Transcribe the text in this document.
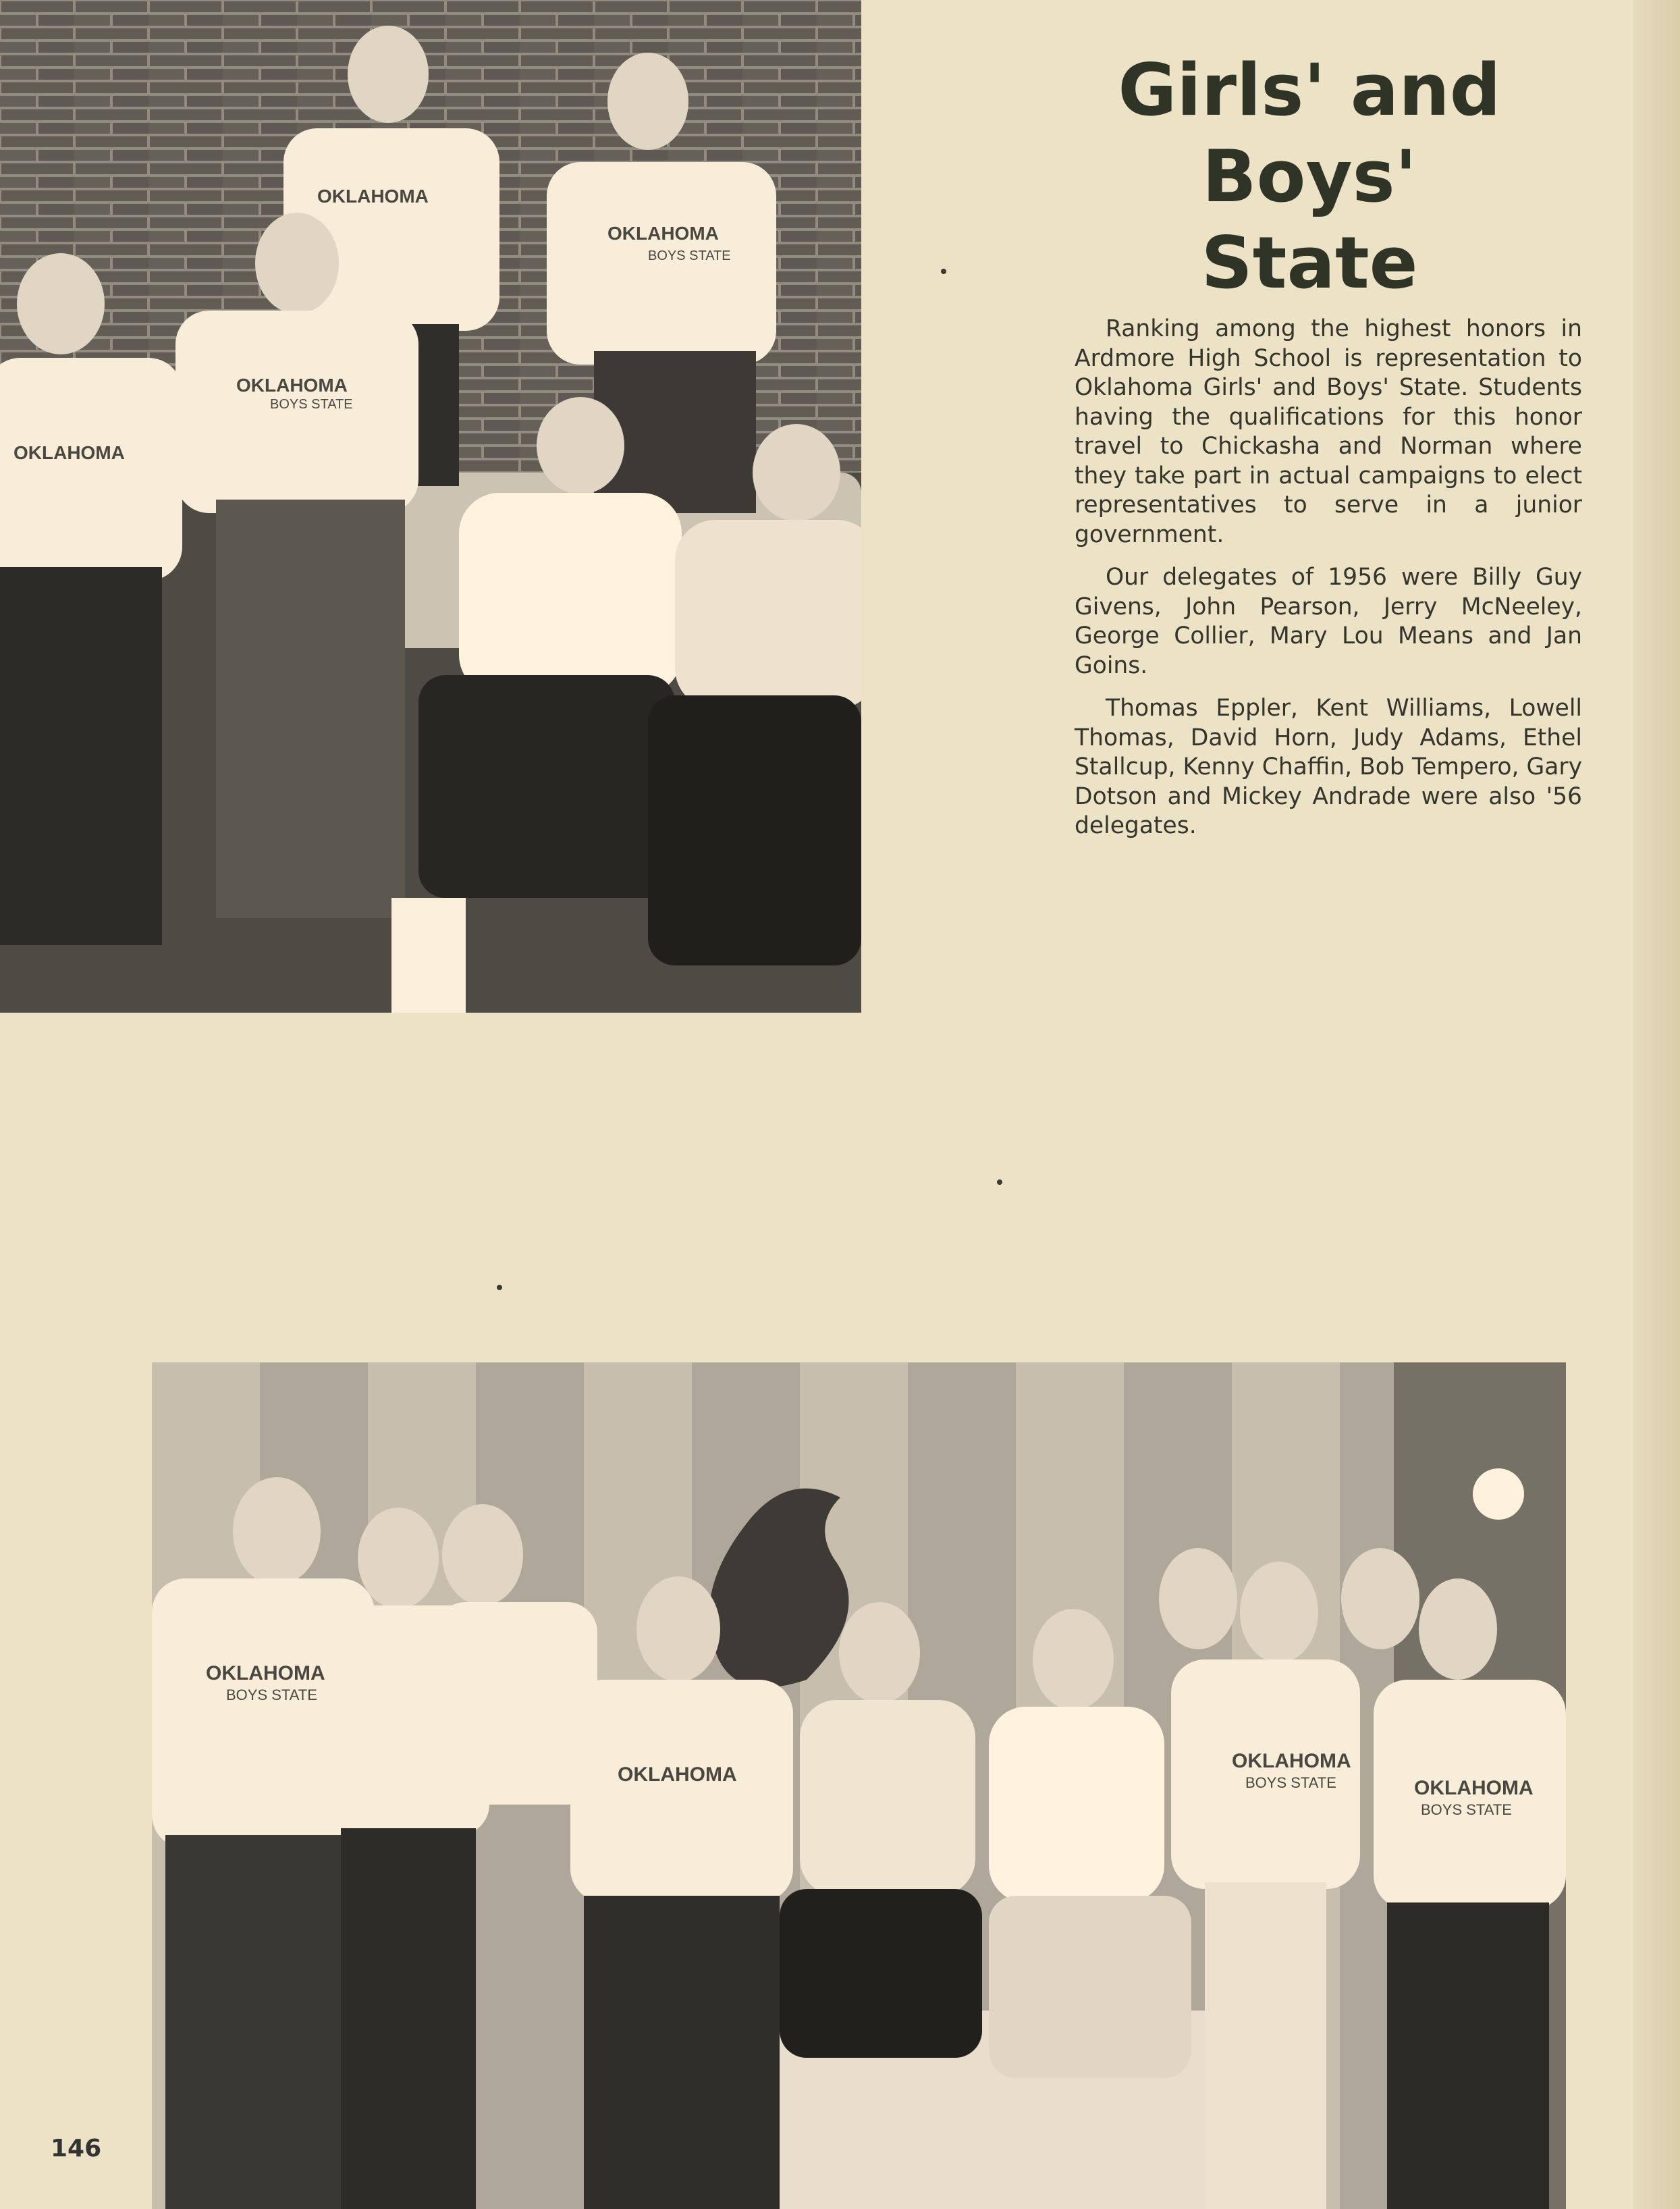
OKLAHOMA
OKLAHOMA
OKLAHOMA
OKLAHOMA
BOYS STATE
BOYS STATE
Girls' and Boys'
State

Ranking among the highest honors in Ardmore High School is representation to Oklahoma Girls' and Boys' State. Students having the qualifications for this honor travel to Chickasha and Norman where they take part in actual campaigns to elect representatives to serve in a junior government.

Our delegates of 1956 were Billy Guy Givens, John Pearson, Jerry McNeeley, George Collier, Mary Lou Means and Jan Goins.

Thomas Eppler, Kent Williams, Lowell Thomas, David Horn, Judy Adams, Ethel Stallcup, Kenny Chaffin, Bob Tempero, Gary Dotson and Mickey Andrade were also '56 delegates.

OKLAHOMA
OKLAHOMA
OKLAHOMA
OKLAHOMA
BOYS STATE
BOYS STATE
BOYS STATE
146
